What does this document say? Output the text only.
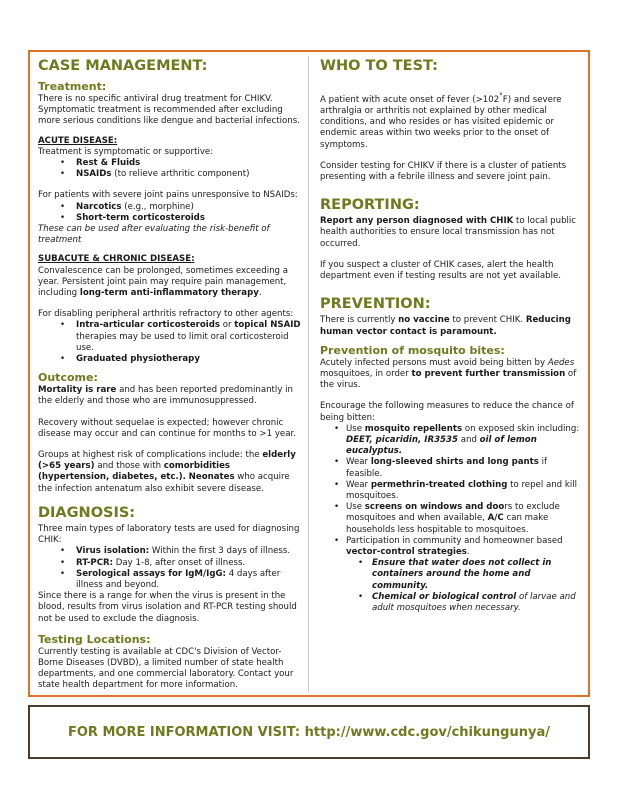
CASE MANAGEMENT:
Treatment:

There is no specific antiviral drug treatment for CHIKV. Symptomatic treatment is recommended after excluding more serious conditions like dengue and bacterial infections.

ACUTE DISEASE:

Treatment is symptomatic or supportive:

• Rest & Fluids
• NSAIDs (to relieve arthritic component)

For patients with severe joint pains unresponsive to NSAIDs:

• Narcotics (e.g., morphine)
• Short-term corticosteroids

These can be used after evaluating the risk-benefit of treatment

SUBACUTE & CHRONIC DISEASE:

Convalescence can be prolonged, sometimes exceeding a year. Persistent joint pain may require pain management, including long-term anti-inflammatory therapy.

For disabling peripheral arthritis refractory to other agents:

• Intra-articular corticosteroids or topical NSAID therapies may be used to limit oral corticosteroid use.
• Graduated physiotherapy
Outcome:

Mortality is rare and has been reported predominantly in the elderly and those who are immunosuppressed.

Recovery without sequelae is expected; however chronic disease may occur and can continue for months to >1 year.

Groups at highest risk of complications include: the elderly (>65 years) and those with comorbidities (hypertension, diabetes, etc.). Neonates who acquire the infection antenatum also exhibit severe disease.

DIAGNOSIS:

Three main types of laboratory tests are used for diagnosing CHIK:

• Virus isolation: Within the first 3 days of illness.
• RT-PCR: Day 1-8, after onset of illness.
• Serological assays for IgM/IgG: 4 days after illness and beyond.

Since there is a range for when the virus is present in the blood, results from virus isolation and RT-PCR testing should not be used to exclude the diagnosis.

Testing Locations:

Currently testing is available at CDC's Division of Vector-Borne Diseases (DVBD), a limited number of state health departments, and one commercial laboratory. Contact your state health department for more information.

WHO TO TEST:

A patient with acute onset of fever (>102°F) and severe arthralgia or arthritis not explained by other medical conditions, and who resides or has visited epidemic or endemic areas within two weeks prior to the onset of symptoms.

Consider testing for CHIKV if there is a cluster of patients presenting with a febrile illness and severe joint pain.

REPORTING:

Report any person diagnosed with CHIK to local public health authorities to ensure local transmission has not occurred.

If you suspect a cluster of CHIK cases, alert the health department even if testing results are not yet available.

PREVENTION:

There is currently no vaccine to prevent CHIK. Reducing human vector contact is paramount.

Prevention of mosquito bites:

Acutely infected persons must avoid being bitten by Aedes mosquitoes, in order to prevent further transmission of the virus.

Encourage the following measures to reduce the chance of being bitten:

• Use mosquito repellents on exposed skin including: DEET, picaridin, IR3535 and oil of lemon eucalyptus.
• Wear long-sleeved shirts and long pants if feasible.
• Wear permethrin-treated clothing to repel and kill mosquitoes.
• Use screens on windows and doors to exclude mosquitoes and when available, A/C can make households less hospitable to mosquitoes.
• Participation in community and homeowner based vector-control strategies.
• Ensure that water does not collect in containers around the home and community.
• Chemical or biological control of larvae and adult mosquitoes when necessary.
FOR MORE INFORMATION VISIT: http://www.cdc.gov/chikungunya/
